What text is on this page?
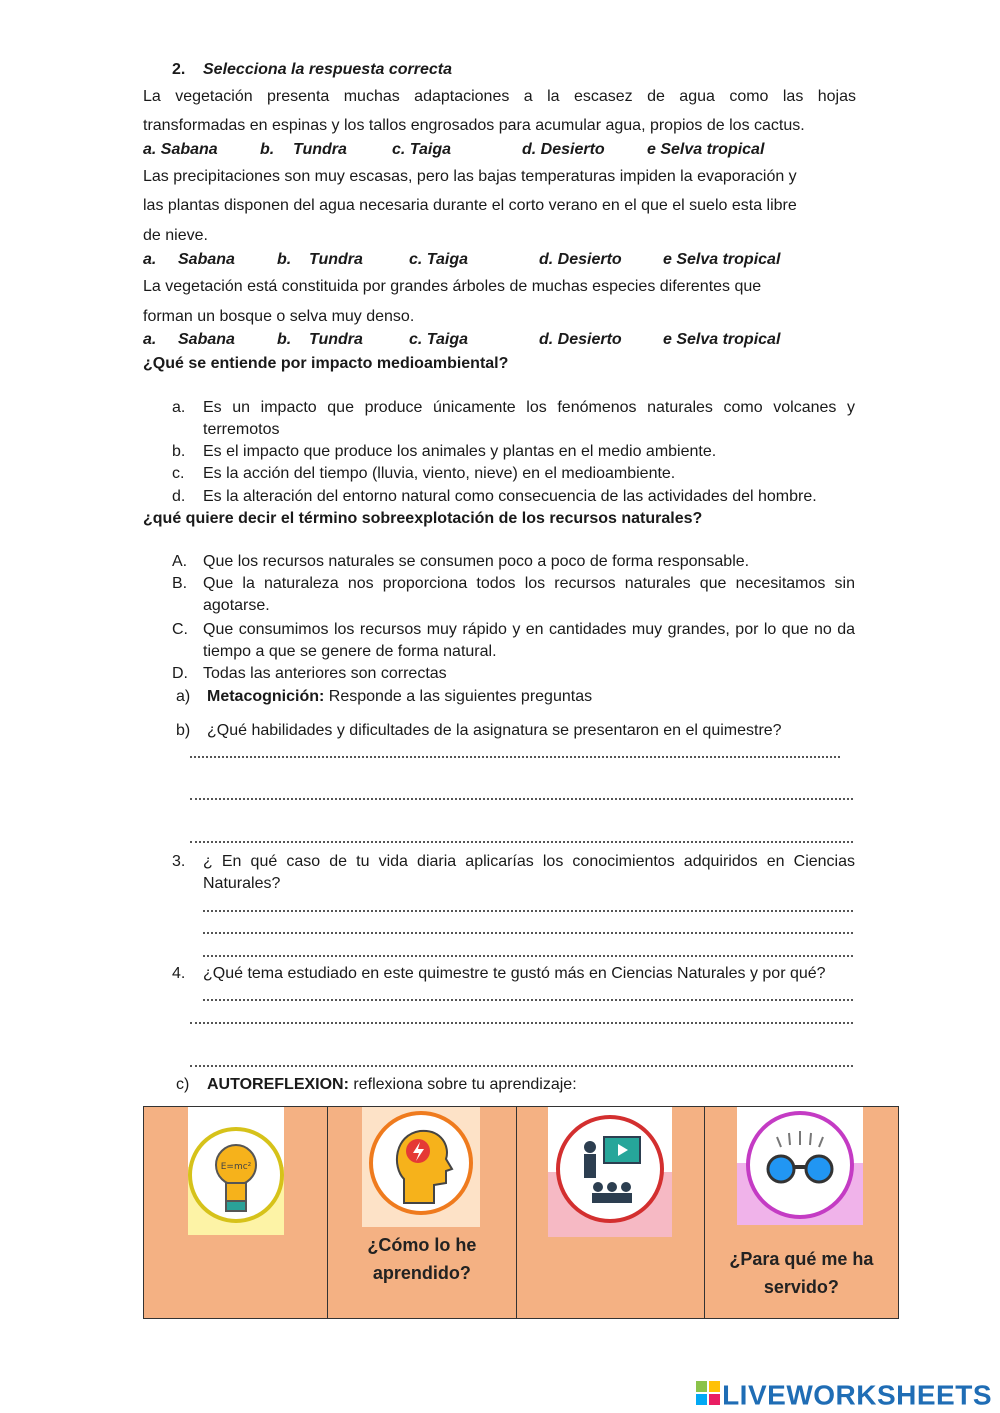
2. Selecciona la respuesta correcta
La vegetación presenta muchas adaptaciones a la escasez de agua como las hojas
transformadas en espinas y los tallos engrosados para acumular agua, propios de los cactus.
a. Sabana	b. Tundra	c. Taiga	d. Desierto	e Selva tropical
Las precipitaciones son muy escasas, pero las bajas temperaturas impiden la evaporación y
las plantas disponen del agua necesaria durante el corto verano en el que el suelo esta libre
de nieve.
a. Sabana	b. Tundra	c. Taiga	d. Desierto	e Selva tropical
La vegetación está constituida por grandes árboles de muchas especies diferentes que
forman un bosque o selva muy denso.
a. Sabana	b. Tundra	c. Taiga	d. Desierto	e Selva tropical
¿Qué se entiende por impacto medioambiental?
a. Es un impacto que produce únicamente los fenómenos naturales como volcanes y terremotos
b. Es el impacto que produce los animales y plantas en el medio ambiente.
c. Es la acción del tiempo (lluvia, viento, nieve) en el medioambiente.
d. Es la alteración del entorno natural como consecuencia de las actividades del hombre.
¿qué quiere decir el término sobreexplotación de los recursos naturales?
A. Que los recursos naturales se consumen poco a poco de forma responsable.
B. Que la naturaleza nos proporciona todos los recursos naturales que necesitamos sin agotarse.
C. Que consumimos los recursos muy rápido y en cantidades muy grandes, por lo que no da tiempo a que se genere de forma natural.
D. Todas las anteriores son correctas
a) Metacognición: Responde a las siguientes preguntas
b) ¿Qué habilidades y dificultades de la asignatura se presentaron en el quimestre?
3. ¿ En qué caso de tu vida diaria aplicarías los conocimientos adquiridos en Ciencias
Naturales?
4. ¿Qué tema estudiado en este quimestre te gustó más en Ciencias Naturales y por qué?
c) AUTOREFLEXION: reflexiona sobre tu aprendizaje:
E=mc²

¿Cómo lo he
aprendido?

¿Para qué me ha
servido?
LIVEWORKSHEETS
